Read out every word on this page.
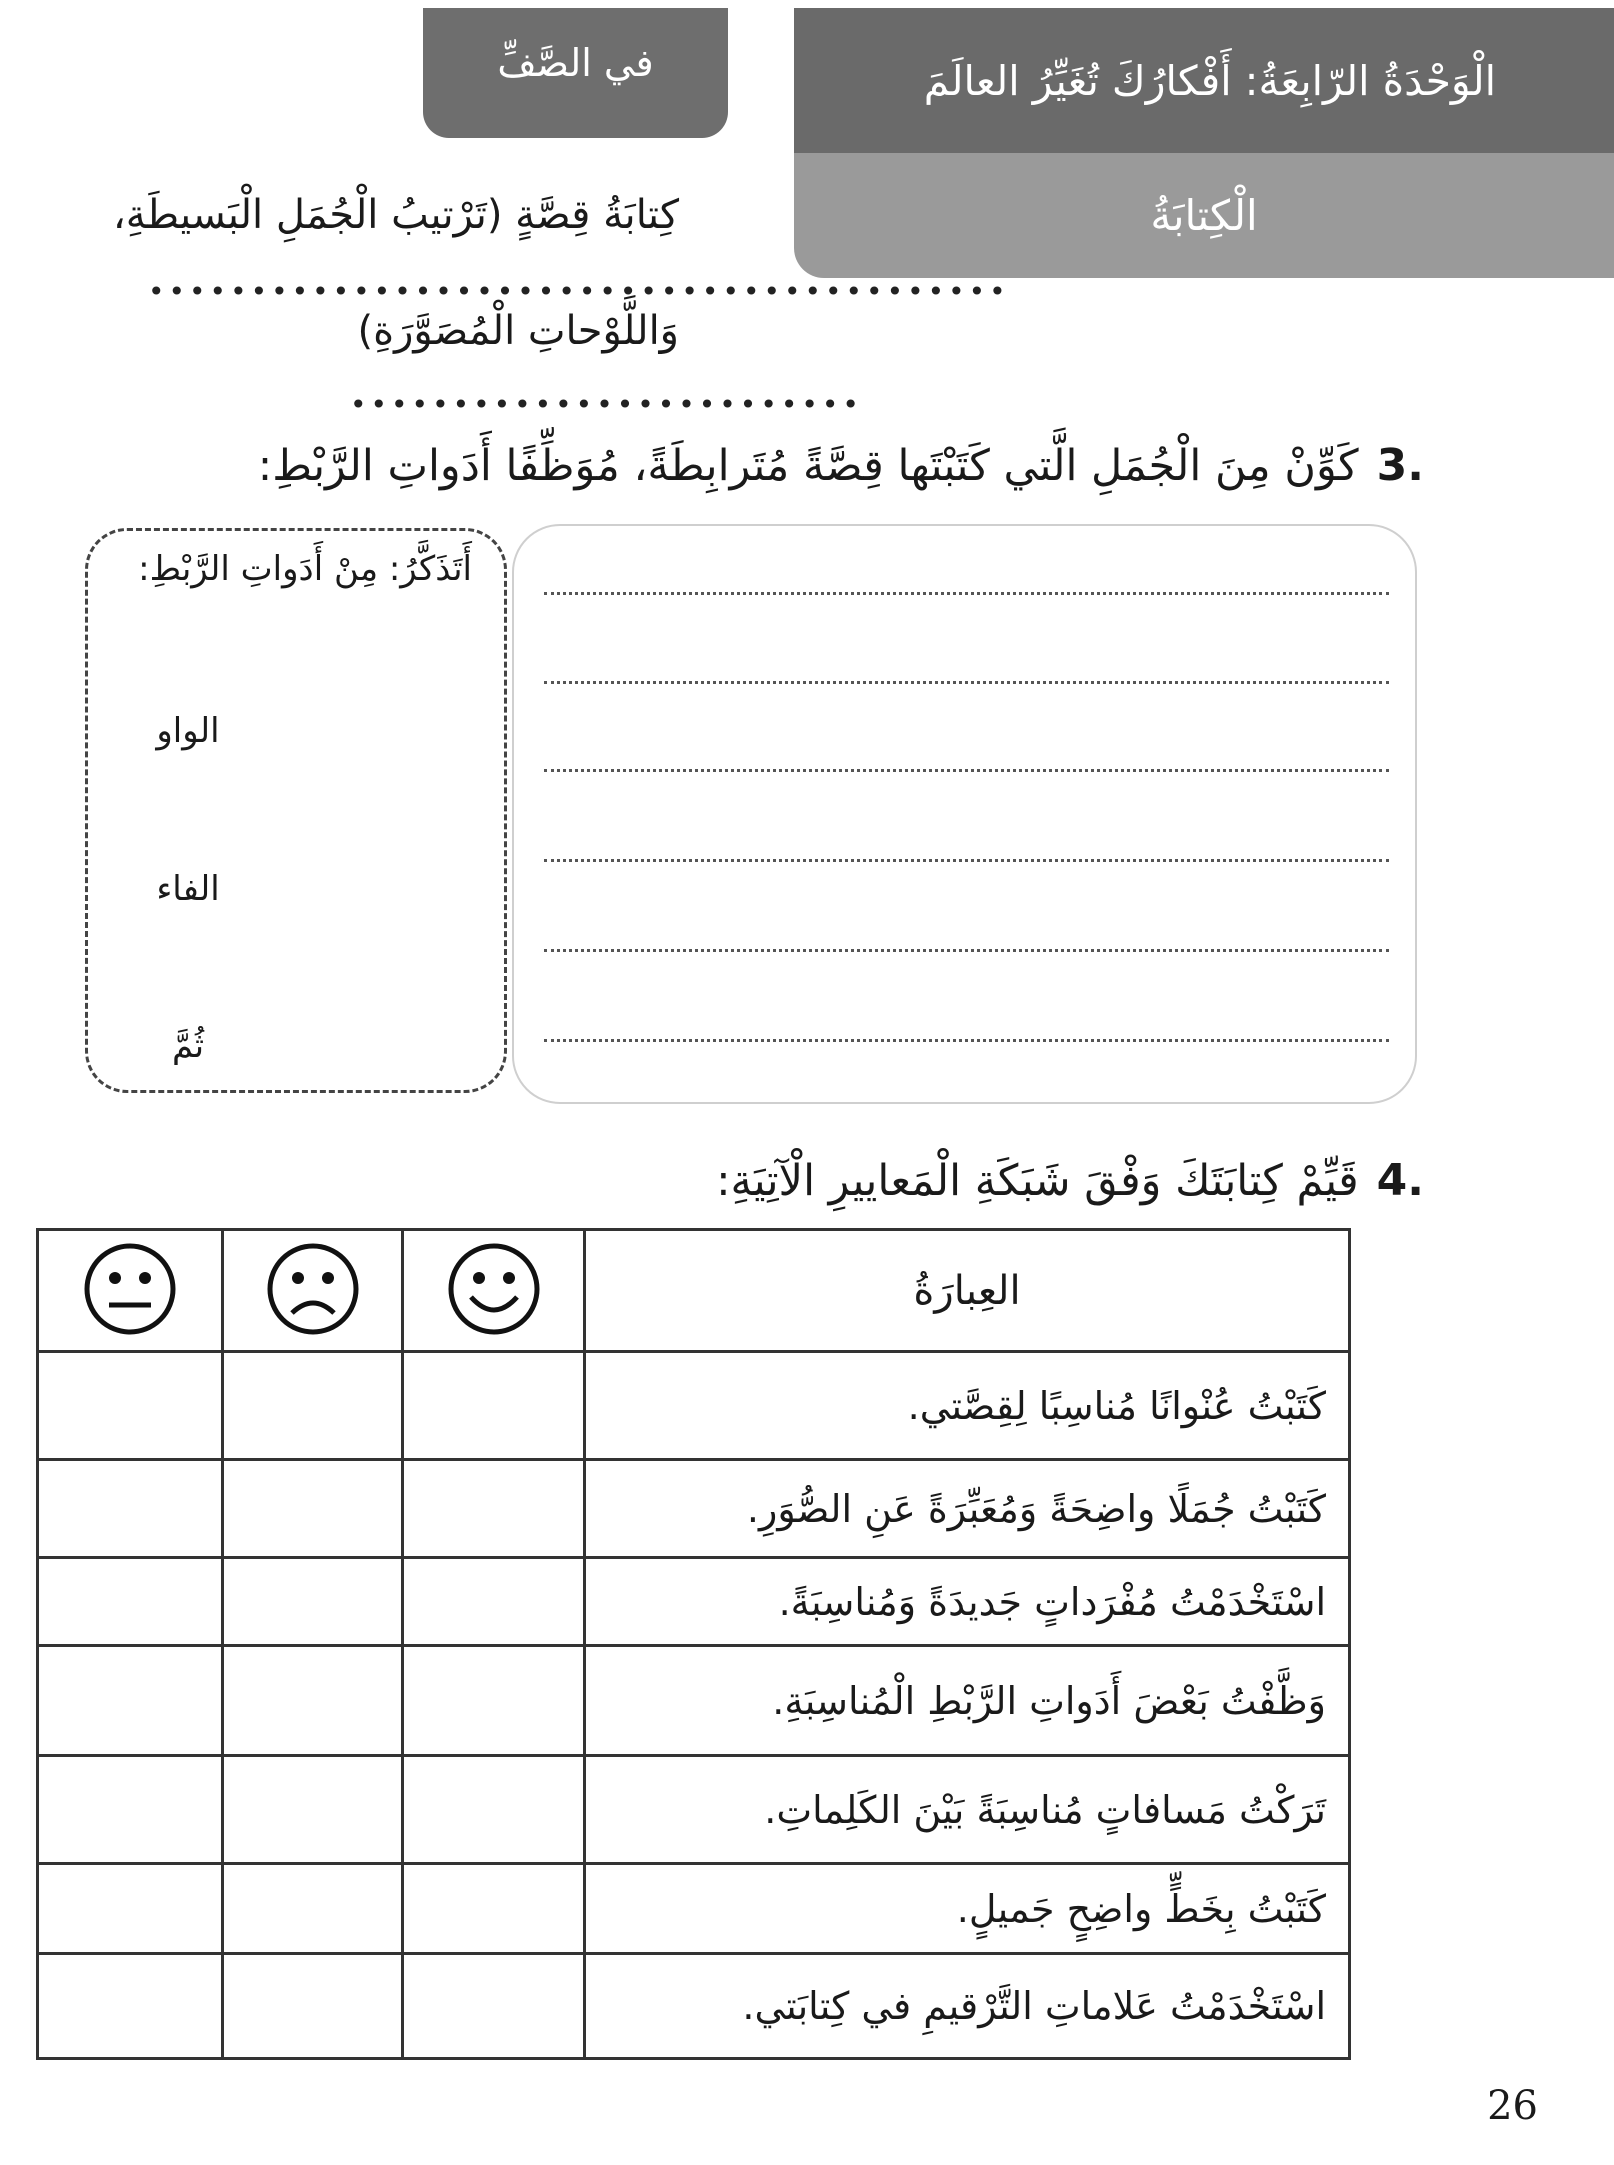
في الصَّفِّ	الْوَحْدَةُ الرّابِعَةُ: أَفْكارُكَ تُغَيِّرُ العالَمَ
الْكِتابَةُ
كِتابَةُ قِصَّةٍ (تَرْتيبُ الْجُمَلِ الْبَسيطَةِ،
••••••••••••••••••••••••••••••••••••••••••
وَاللَّوْحاتِ الْمُصَوَّرَةِ)
•••••••••••••••••••••••••
3.
كَوِّنْ مِنَ الْجُمَلِ الَّتي كَتَبْتَها قِصَّةً مُتَرابِطَةً، مُوَظِّفًا أَدَواتِ الرَّبْطِ:
أَتَذَكَّرُ: مِنْ أَدَواتِ الرَّبْطِ:
الواو
الفاء
ثُمَّ
4.
قَيِّمْ كِتابَتَكَ وَفْقَ شَبَكَةِ الْمَعاييرِ الْآتِيَةِ:
			العِبارَةُ
			كَتَبْتُ عُنْوانًا مُناسِبًا لِقِصَّتي.
			كَتَبْتُ جُمَلًا واضِحَةً وَمُعَبِّرَةً عَنِ الصُّوَرِ.
			اسْتَخْدَمْتُ مُفْرَداتٍ جَديدَةً وَمُناسِبَةً.
			وَظَّفْتُ بَعْضَ أَدَواتِ الرَّبْطِ الْمُناسِبَةِ.
			تَرَكْتُ مَسافاتٍ مُناسِبَةً بَيْنَ الكَلِماتِ.
			كَتَبْتُ بِخَطٍّ واضِحٍ جَميلٍ.
			اسْتَخْدَمْتُ عَلاماتِ التَّرْقيمِ في كِتابَتي.
26
